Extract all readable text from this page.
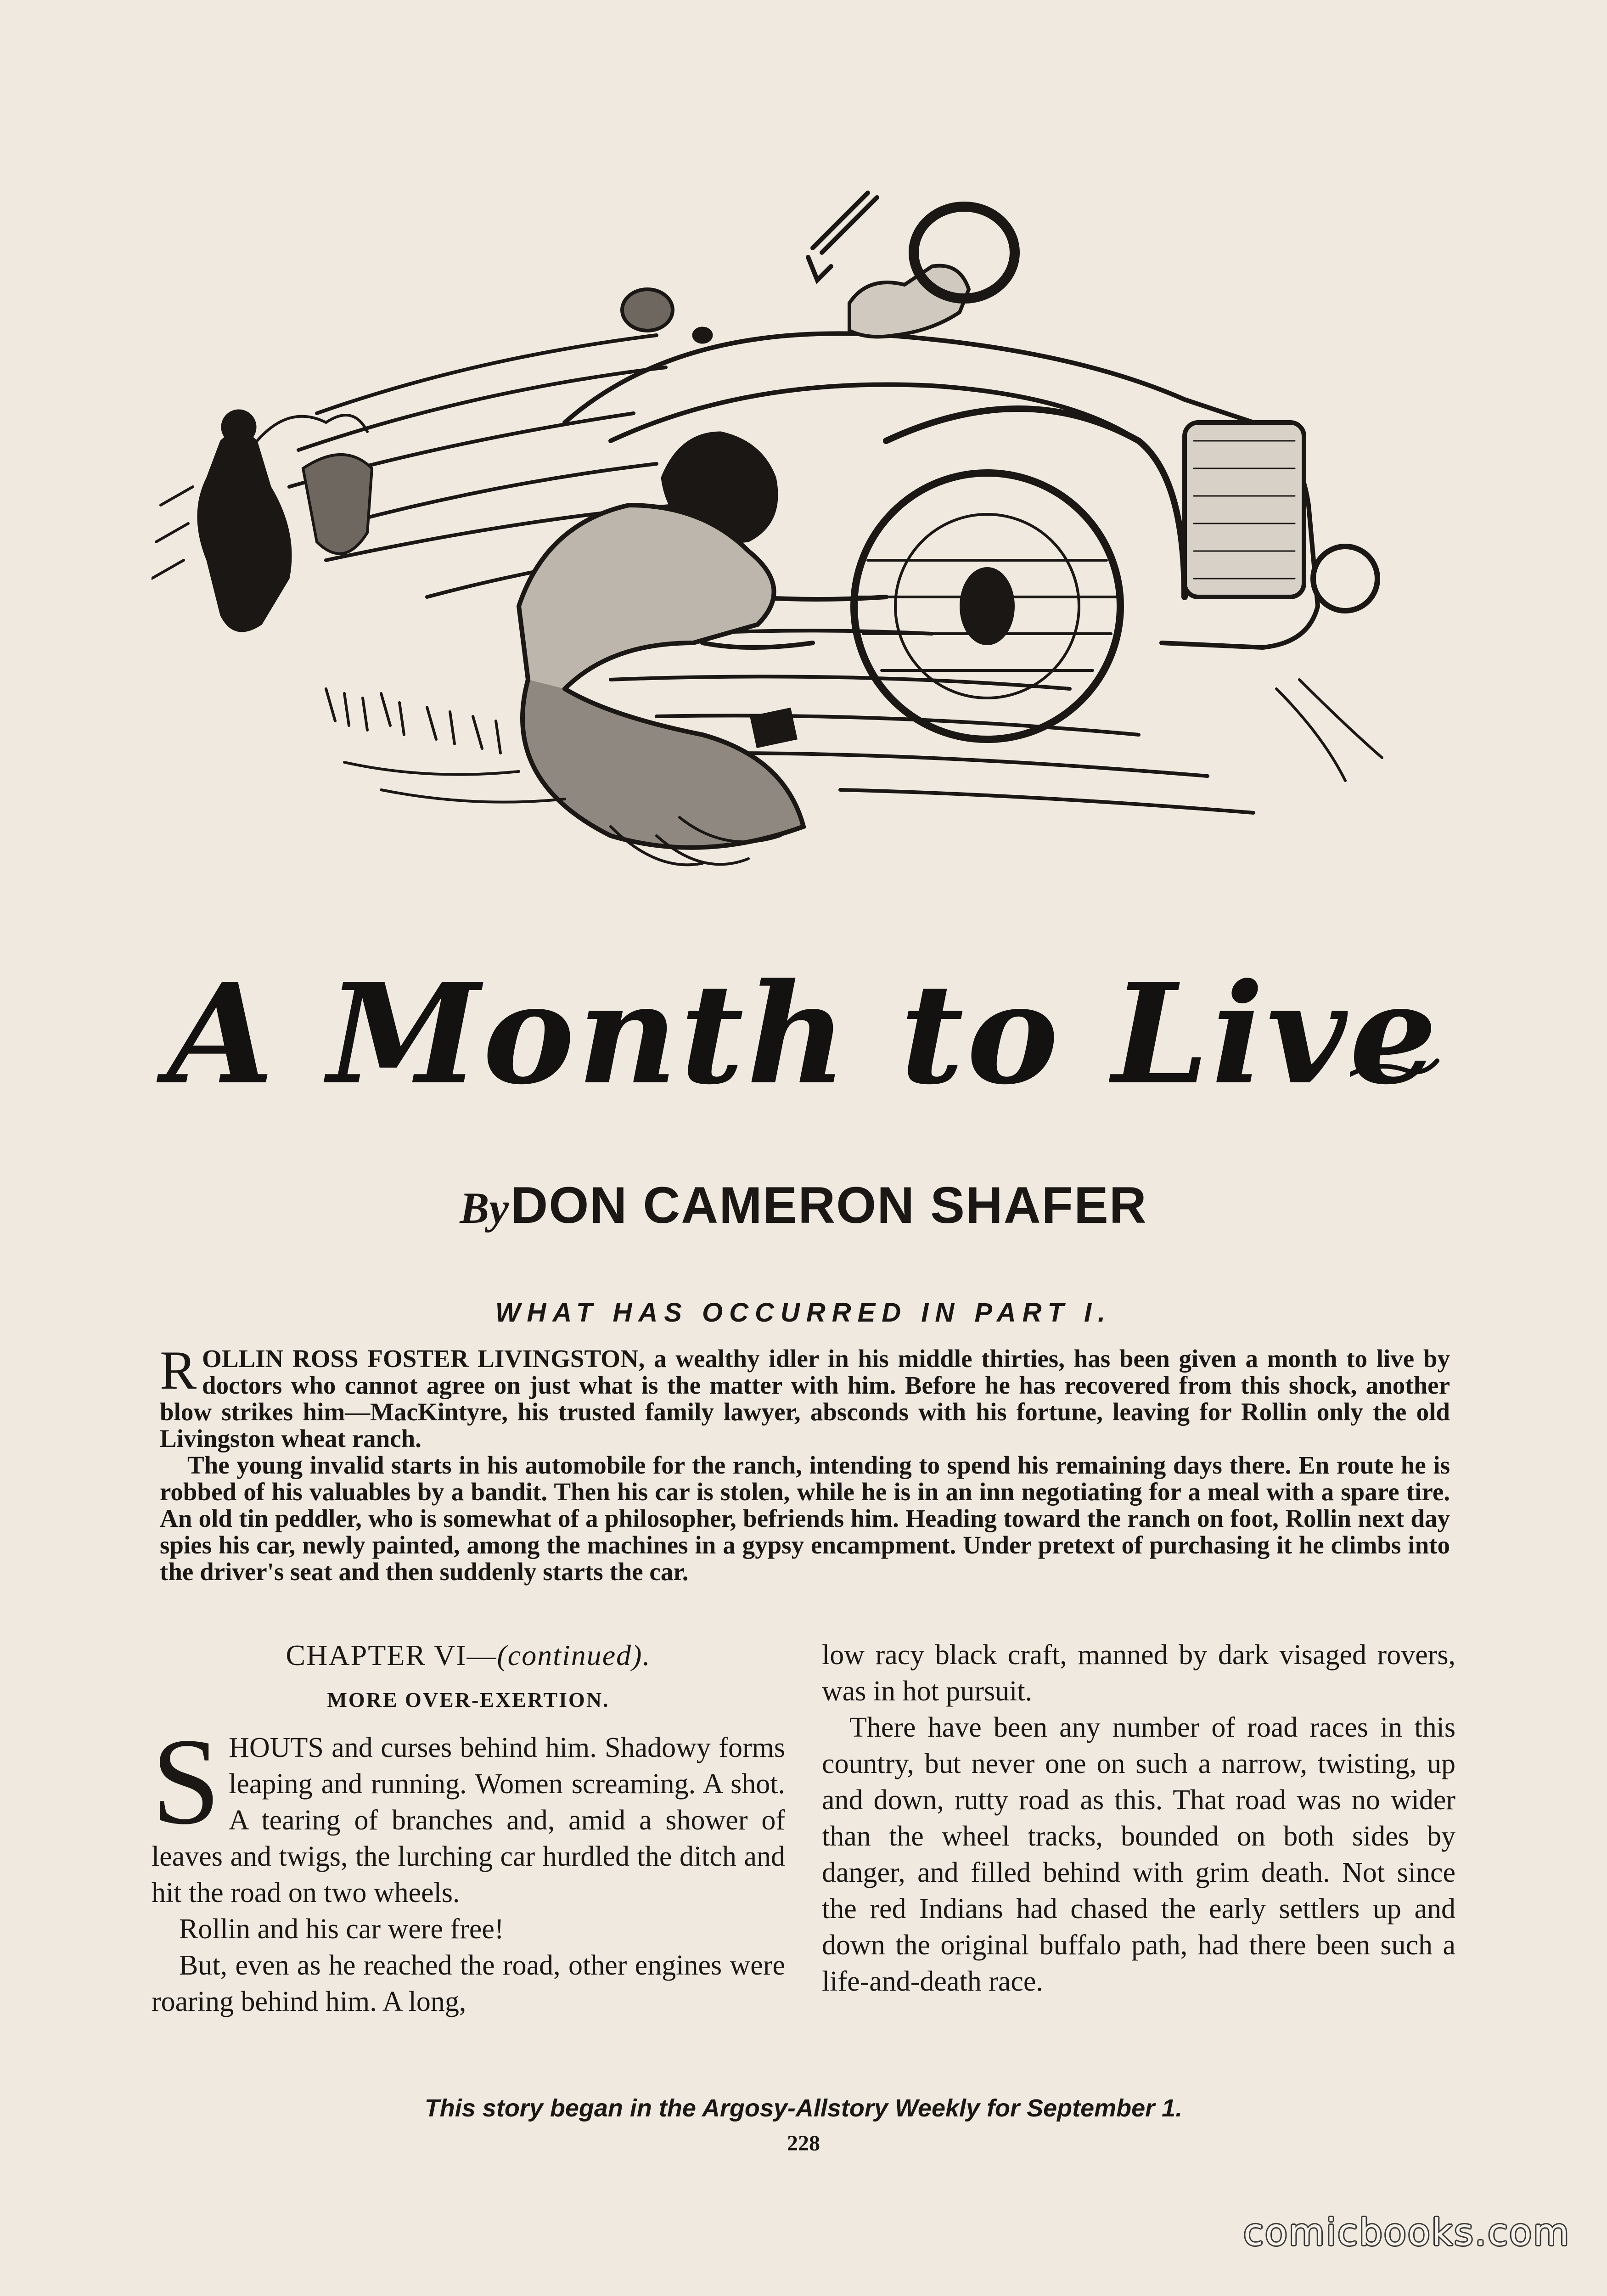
A Month to Live
By DON CAMERON SHAFER
WHAT HAS OCCURRED IN PART I.

ROLLIN ROSS FOSTER LIVINGSTON, a wealthy idler in his middle thirties, has been given a month to live by doctors who cannot agree on just what is the matter with him. Before he has recovered from this shock, another blow strikes him—MacKintyre, his trusted family lawyer, absconds with his fortune, leaving for Rollin only the old Livingston wheat ranch.

The young invalid starts in his automobile for the ranch, intending to spend his remaining days there. En route he is robbed of his valuables by a bandit. Then his car is stolen, while he is in an inn negotiating for a meal with a spare tire. An old tin peddler, who is somewhat of a philosopher, befriends him. Heading toward the ranch on foot, Rollin next day spies his car, newly painted, among the machines in a gypsy encampment. Under pretext of purchasing it he climbs into the driver's seat and then suddenly starts the car.

CHAPTER VI—(continued).
MORE OVER-EXERTION.

SHOUTS and curses behind him. Shadowy forms leaping and running. Women screaming. A shot. A tearing of branches and, amid a shower of leaves and twigs, the lurching car hurdled the ditch and hit the road on two wheels.

Rollin and his car were free!

But, even as he reached the road, other engines were roaring behind him. A long,

low racy black craft, manned by dark visaged rovers, was in hot pursuit.

There have been any number of road races in this country, but never one on such a narrow, twisting, up and down, rutty road as this. That road was no wider than the wheel tracks, bounded on both sides by danger, and filled behind with grim death. Not since the red Indians had chased the early settlers up and down the original buffalo path, had there been such a life-and-death race.

This story began in the Argosy-Allstory Weekly for September 1.
228
comicbooks.com
